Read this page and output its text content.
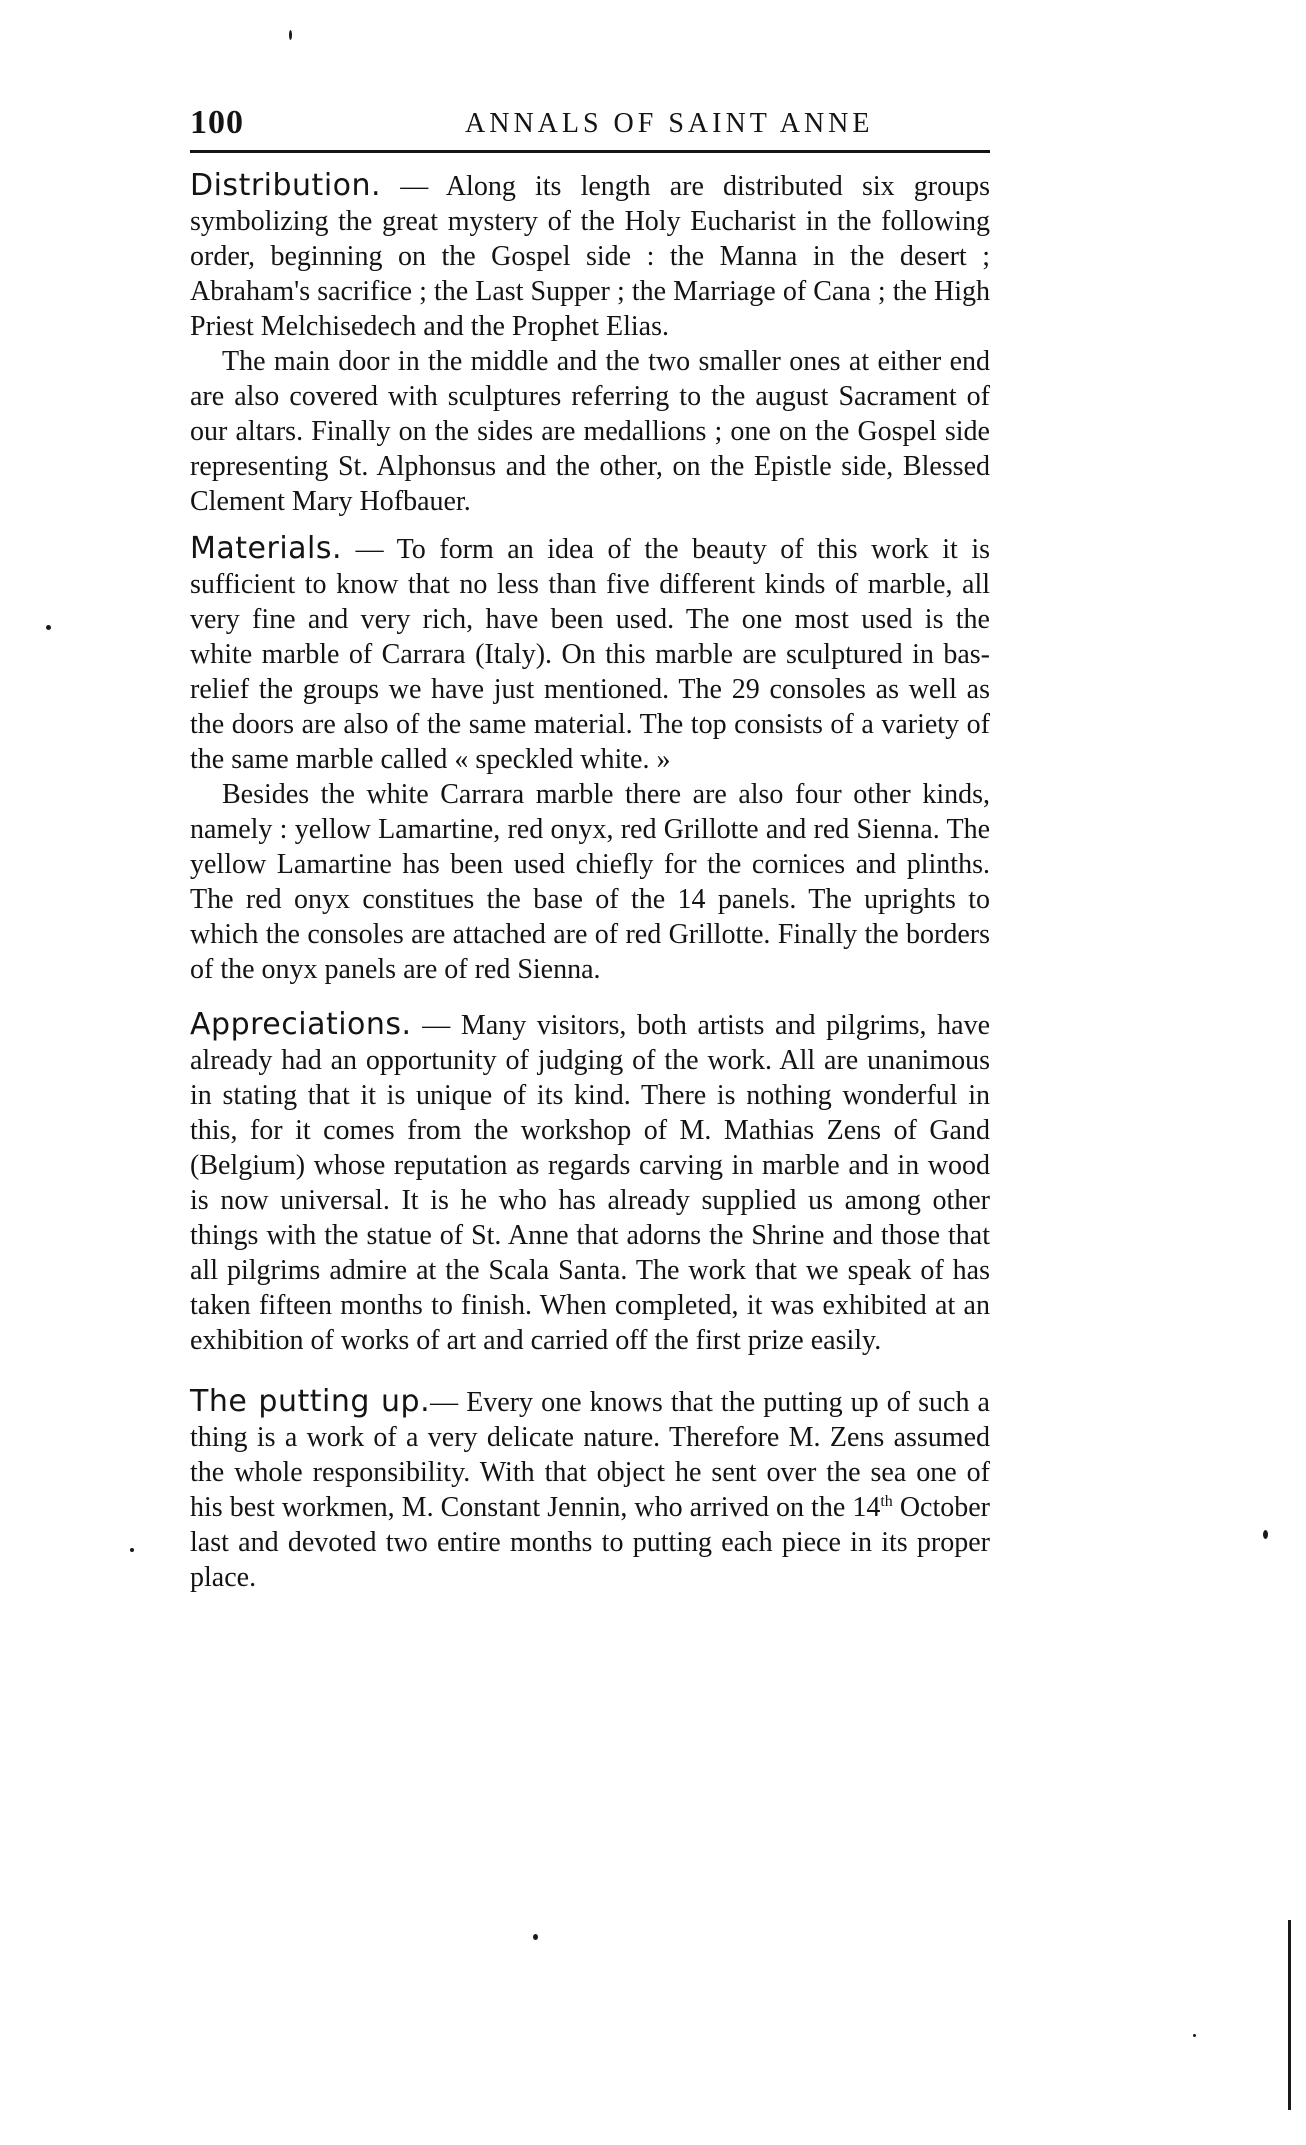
100	ANNALS OF SAINT ANNE

Distribution. — Along its length are distributed six groups symbolizing the great mystery of the Holy Eucharist in the following order, beginning on the Gospel side : the Manna in the desert ; Abraham's sacrifice ; the Last Supper ; the Marriage of Cana ; the High Priest Melchisedech and the Prophet Elias.

The main door in the middle and the two smaller ones at either end are also covered with sculptures referring to the august Sacrament of our altars. Finally on the sides are medallions ; one on the Gospel side representing St. Alphonsus and the other, on the Epistle side, Blessed Clement Mary Hofbauer.

Materials. — To form an idea of the beauty of this work it is sufficient to know that no less than five different kinds of marble, all very fine and very rich, have been used. The one most used is the white marble of Carrara (Italy). On this marble are sculptured in bas-relief the groups we have just mentioned. The 29 consoles as well as the doors are also of the same material. The top consists of a variety of the same marble called « speckled white. »

Besides the white Carrara marble there are also four other kinds, namely : yellow Lamartine, red onyx, red Grillotte and red Sienna. The yellow Lamartine has been used chiefly for the cornices and plinths. The red onyx constitues the base of the 14 panels. The uprights to which the consoles are attached are of red Grillotte. Finally the borders of the onyx panels are of red Sienna.

Appreciations. — Many visitors, both artists and pilgrims, have already had an opportunity of judging of the work. All are unanimous in stating that it is unique of its kind. There is nothing wonderful in this, for it comes from the workshop of M. Mathias Zens of Gand (Belgium) whose reputation as regards carving in marble and in wood is now universal. It is he who has already supplied us among other things with the statue of St. Anne that adorns the Shrine and those that all pilgrims admire at the Scala Santa. The work that we speak of has taken fifteen months to finish. When completed, it was exhibited at an exhibition of works of art and carried off the first prize easily.

The putting up.— Every one knows that the putting up of such a thing is a work of a very delicate nature. Therefore M. Zens assumed the whole responsibility. With that object he sent over the sea one of his best workmen, M. Constant Jennin, who arrived on the 14th October last and devoted two entire months to putting each piece in its proper place.
